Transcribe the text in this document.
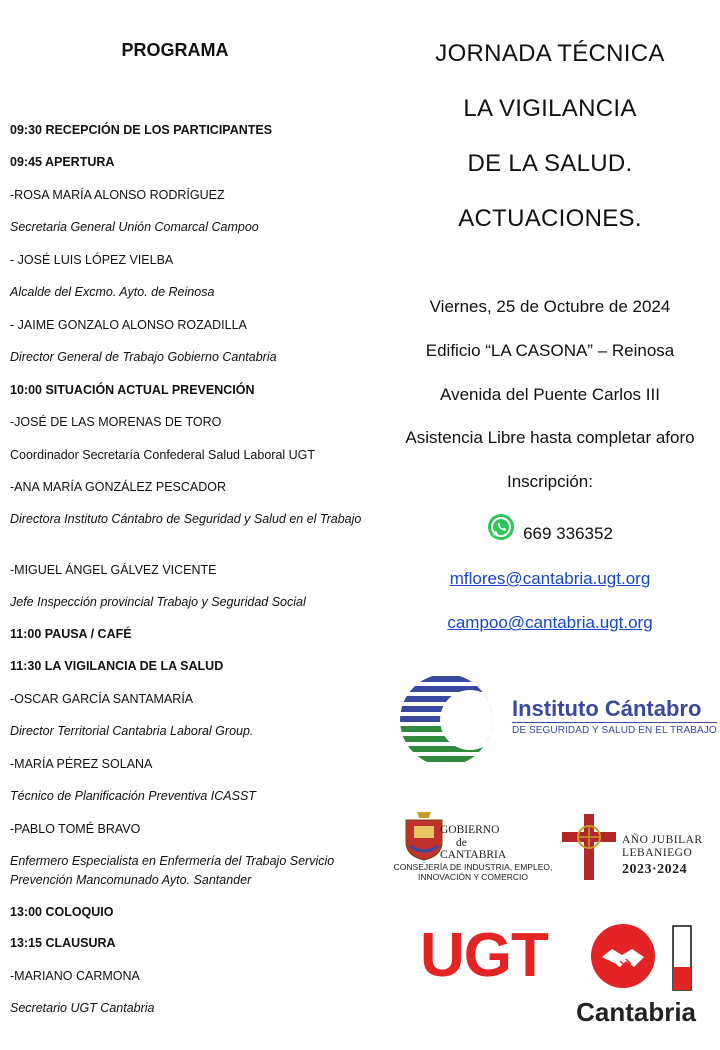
PROGRAMA
09:30 RECEPCIÓN DE LOS PARTICIPANTES
09:45 APERTURA
-ROSA MARÍA ALONSO RODRÍGUEZ
Secretaria General Unión Comarcal Campoo
- JOSÉ LUIS LÓPEZ VIELBA
Alcalde del Excmo. Ayto. de Reinosa
- JAIME GONZALO ALONSO ROZADILLA
Director General de Trabajo Gobierno Cantabria
10:00 SITUACIÓN ACTUAL PREVENCIÓN
-JOSÉ DE LAS MORENAS DE TORO
Coordinador Secretaría Confederal Salud Laboral UGT
-ANA MARÍA GONZÁLEZ PESCADOR
Directora Instituto Cántabro de Seguridad y Salud en el Trabajo
-MIGUEL ÁNGEL GÁLVEZ VICENTE
Jefe Inspección provincial Trabajo y Seguridad Social
11:00 PAUSA / CAFÉ
11:30 LA VIGILANCIA DE LA SALUD
-OSCAR GARCÍA SANTAMARÍA
Director Territorial Cantabria Laboral Group.
-MARÍA PÉREZ SOLANA
Técnico de Planificación Preventiva ICASST
-PABLO TOMÉ BRAVO
Enfermero Especialista en Enfermería del Trabajo Servicio Prevención Mancomunado Ayto. Santander
13:00 COLOQUIO
13:15 CLAUSURA
-MARIANO CARMONA
Secretario UGT Cantabria
JORNADA TÉCNICA
LA VIGILANCIA
DE LA SALUD.
ACTUACIONES.
Viernes, 25 de Octubre de 2024
Edificio “LA CASONA” – Reinosa
Avenida del Puente Carlos III
Asistencia Libre hasta completar aforo
Inscripción:
669 336352
mflores@cantabria.ugt.org
campoo@cantabria.ugt.org
Instituto Cántabro
DE SEGURIDAD Y SALUD EN EL TRABAJO
GOBIERNO
de
CANTABRIA
CONSEJERÍA DE INDUSTRIA, EMPLEO,
INNOVACIÓN Y COMERCIO
AÑO JUBILAR
LEBANIEGO
2023·2024
UGT
Cantabria
